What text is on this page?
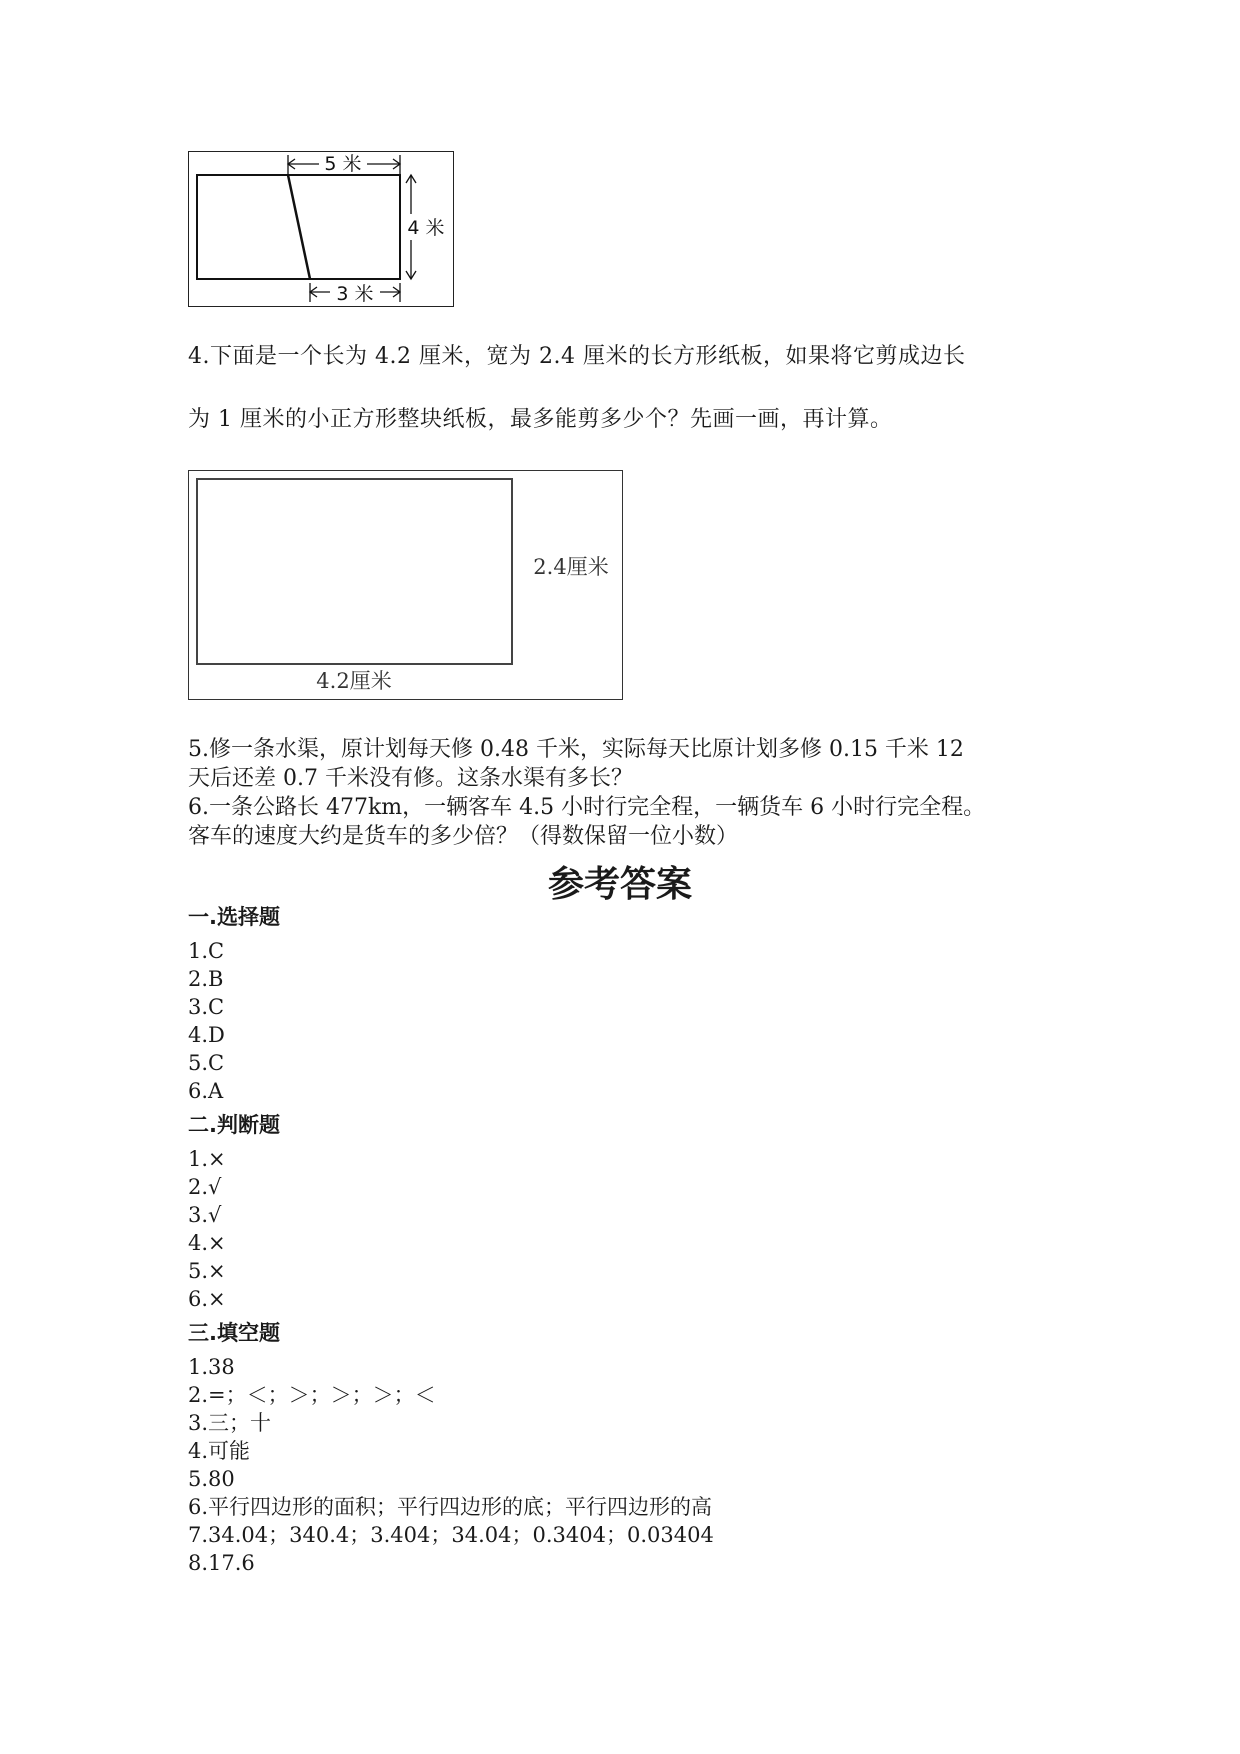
5 米
4 米
3 米
4.下面是一个长为 4.2 厘米，宽为 2.4 厘米的长方形纸板，如果将它剪成边长
为 1 厘米的小正方形整块纸板，最多能剪多少个？先画一画，再计算。
2.4厘米
4.2厘米
5.修一条水渠，原计划每天修 0.48 千米，实际每天比原计划多修 0.15 千米 12
天后还差 0.7 千米没有修。这条水渠有多长？
6.一条公路长 477km，一辆客车 4.5 小时行完全程，一辆货车 6 小时行完全程。
客车的速度大约是货车的多少倍？（得数保留一位小数）
参考答案
一.选择题
1.C
2.B
3.C
4.D
5.C
6.A
二.判断题
1.×
2.√
3.√
4.×
5.×
6.×
三.填空题
1.38
2.=；＜；＞；＞；＞；＜
3.三；十
4.可能
5.80
6.平行四边形的面积；平行四边形的底；平行四边形的高
7.34.04；340.4；3.404；34.04；0.3404；0.03404
8.17.6
